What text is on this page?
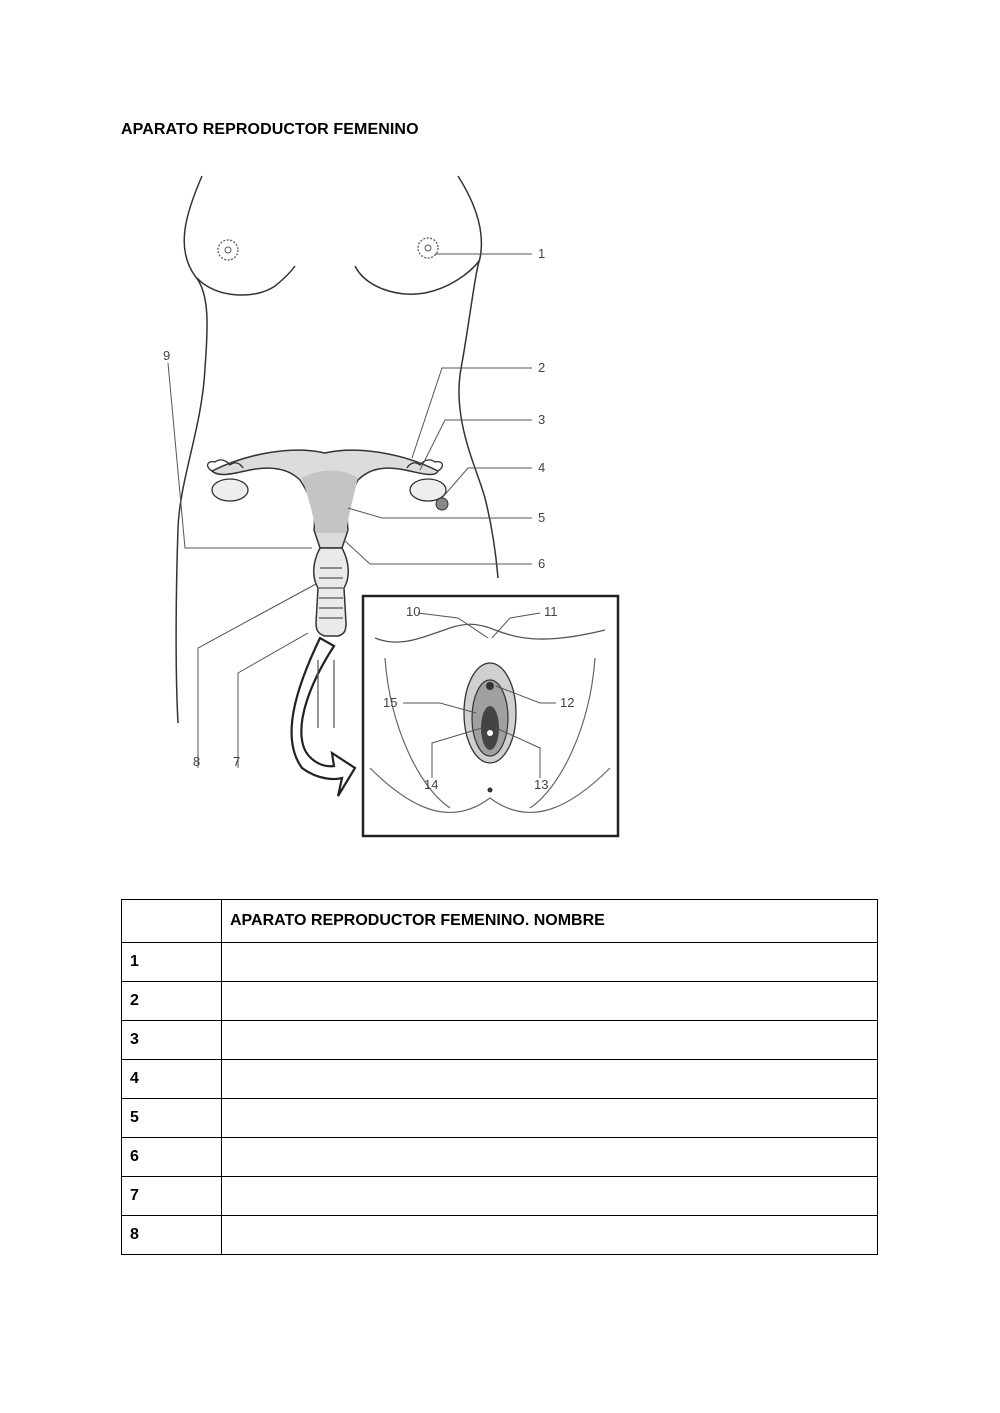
APARATO REPRODUCTOR FEMENINO
1
2
3
4
5
6
7
8
9
10	11
12
13
14
15
	APARATO REPRODUCTOR FEMENINO. NOMBRE
1	
2	
3	
4	
5	
6	
7	
8	
